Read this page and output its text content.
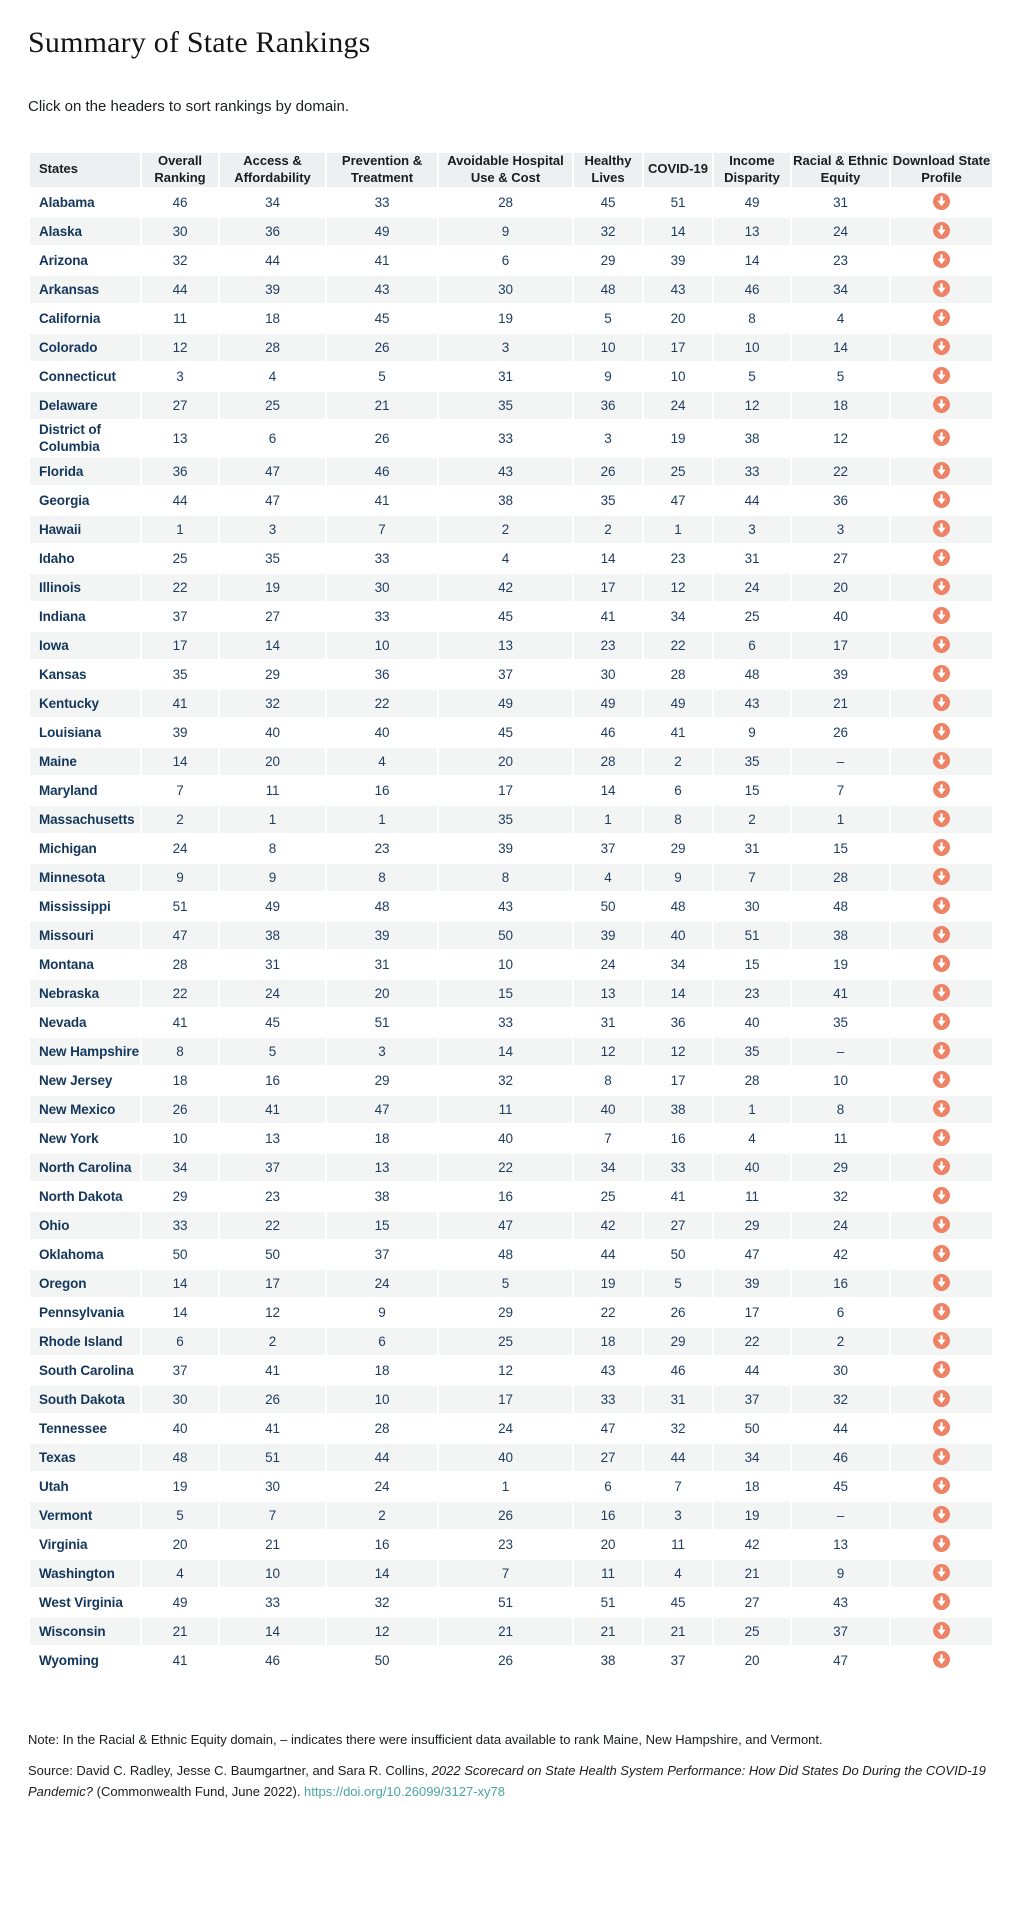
Summary of State Rankings

Click on the headers to sort rankings by domain.

States	Overall Ranking	Access & Affordability	Prevention & Treatment	Avoidable Hospital Use & Cost	Healthy Lives	COVID-19	Income Disparity	Racial & Ethnic Equity	Download State Profile
Alabama	46	34	33	28	45	51	49	31	

Alaska	30	36	49	9	32	14	13	24	

Arizona	32	44	41	6	29	39	14	23	

Arkansas	44	39	43	30	48	43	46	34	

California	11	18	45	19	5	20	8	4	

Colorado	12	28	26	3	10	17	10	14	

Connecticut	3	4	5	31	9	10	5	5	

Delaware	27	25	21	35	36	24	12	18	

District of Columbia	13	6	26	33	3	19	38	12	

Florida	36	47	46	43	26	25	33	22	

Georgia	44	47	41	38	35	47	44	36	

Hawaii	1	3	7	2	2	1	3	3	

Idaho	25	35	33	4	14	23	31	27	

Illinois	22	19	30	42	17	12	24	20	

Indiana	37	27	33	45	41	34	25	40	

Iowa	17	14	10	13	23	22	6	17	

Kansas	35	29	36	37	30	28	48	39	

Kentucky	41	32	22	49	49	49	43	21	

Louisiana	39	40	40	45	46	41	9	26	

Maine	14	20	4	20	28	2	35	–	

Maryland	7	11	16	17	14	6	15	7	

Massachusetts	2	1	1	35	1	8	2	1	

Michigan	24	8	23	39	37	29	31	15	

Minnesota	9	9	8	8	4	9	7	28	

Mississippi	51	49	48	43	50	48	30	48	

Missouri	47	38	39	50	39	40	51	38	

Montana	28	31	31	10	24	34	15	19	

Nebraska	22	24	20	15	13	14	23	41	

Nevada	41	45	51	33	31	36	40	35	

New Hampshire	8	5	3	14	12	12	35	–	

New Jersey	18	16	29	32	8	17	28	10	

New Mexico	26	41	47	11	40	38	1	8	

New York	10	13	18	40	7	16	4	11	

North Carolina	34	37	13	22	34	33	40	29	

North Dakota	29	23	38	16	25	41	11	32	

Ohio	33	22	15	47	42	27	29	24	

Oklahoma	50	50	37	48	44	50	47	42	

Oregon	14	17	24	5	19	5	39	16	

Pennsylvania	14	12	9	29	22	26	17	6	

Rhode Island	6	2	6	25	18	29	22	2	

South Carolina	37	41	18	12	43	46	44	30	

South Dakota	30	26	10	17	33	31	37	32	

Tennessee	40	41	28	24	47	32	50	44	

Texas	48	51	44	40	27	44	34	46	

Utah	19	30	24	1	6	7	18	45	

Vermont	5	7	2	26	16	3	19	–	

Virginia	20	21	16	23	20	11	42	13	

Washington	4	10	14	7	11	4	21	9	

West Virginia	49	33	32	51	51	45	27	43	

Wisconsin	21	14	12	21	21	21	25	37	

Wyoming	41	46	50	26	38	37	20	47	

Note: In the Racial & Ethnic Equity domain, – indicates there were insufficient data available to rank Maine, New Hampshire, and Vermont.

Source: David C. Radley, Jesse C. Baumgartner, and Sara R. Collins, 2022 Scorecard on State Health System Performance: How Did States Do During the COVID-19 Pandemic? (Commonwealth Fund, June 2022). https://doi.org/10.26099/3127-xy78
